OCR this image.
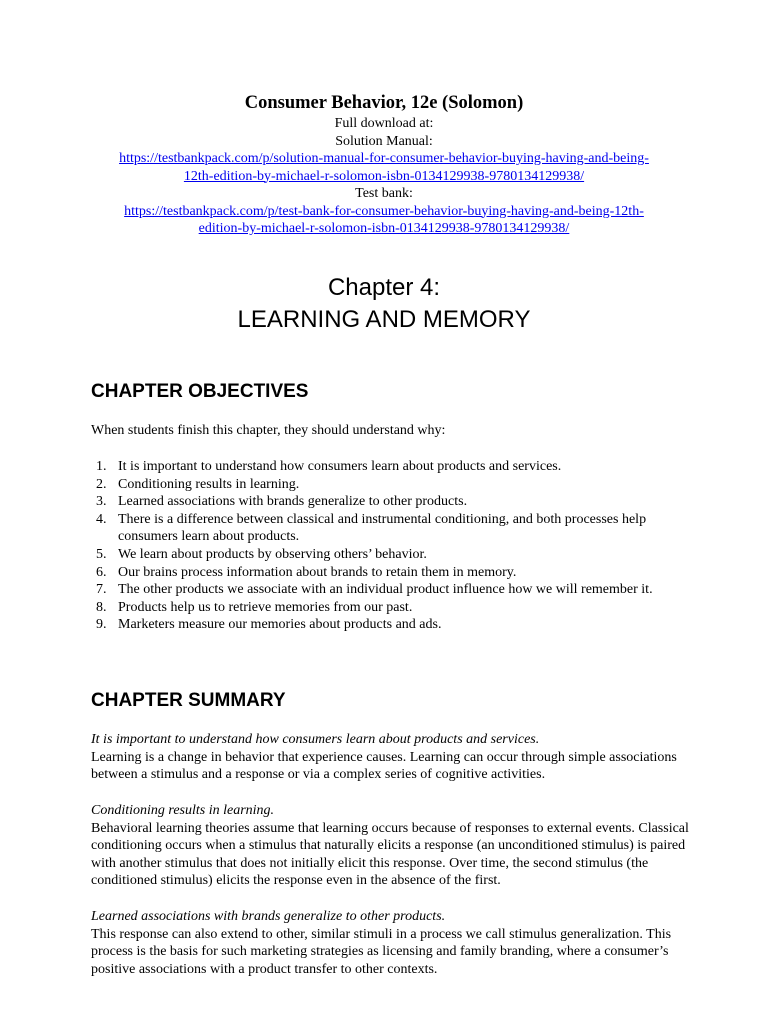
Consumer Behavior, 12e (Solomon)
Full download at:
Solution Manual:
https://testbankpack.com/p/solution-manual-for-consumer-behavior-buying-having-and-being-
12th-edition-by-michael-r-solomon-isbn-0134129938-9780134129938/
Test bank:
https://testbankpack.com/p/test-bank-for-consumer-behavior-buying-having-and-being-12th-
edition-by-michael-r-solomon-isbn-0134129938-9780134129938/
Chapter 4:
LEARNING AND MEMORY
CHAPTER OBJECTIVES
When students finish this chapter, they should understand why:
1. It is important to understand how consumers learn about products and services.
2. Conditioning results in learning.
3. Learned associations with brands generalize to other products.
4. There is a difference between classical and instrumental conditioning, and both processes help consumers learn about products.
5. We learn about products by observing others’ behavior.
6. Our brains process information about brands to retain them in memory.
7. The other products we associate with an individual product influence how we will remember it.
8. Products help us to retrieve memories from our past.
9. Marketers measure our memories about products and ads.
CHAPTER SUMMARY

It is important to understand how consumers learn about products and services.

Learning is a change in behavior that experience causes. Learning can occur through simple associations between a stimulus and a response or via a complex series of cognitive activities.

Conditioning results in learning.

Behavioral learning theories assume that learning occurs because of responses to external events. Classical conditioning occurs when a stimulus that naturally elicits a response (an unconditioned stimulus) is paired with another stimulus that does not initially elicit this response. Over time, the second stimulus (the conditioned stimulus) elicits the response even in the absence of the first.

Learned associations with brands generalize to other products.

This response can also extend to other, similar stimuli in a process we call stimulus generalization. This process is the basis for such marketing strategies as licensing and family branding, where a consumer’s positive associations with a product transfer to other contexts.
